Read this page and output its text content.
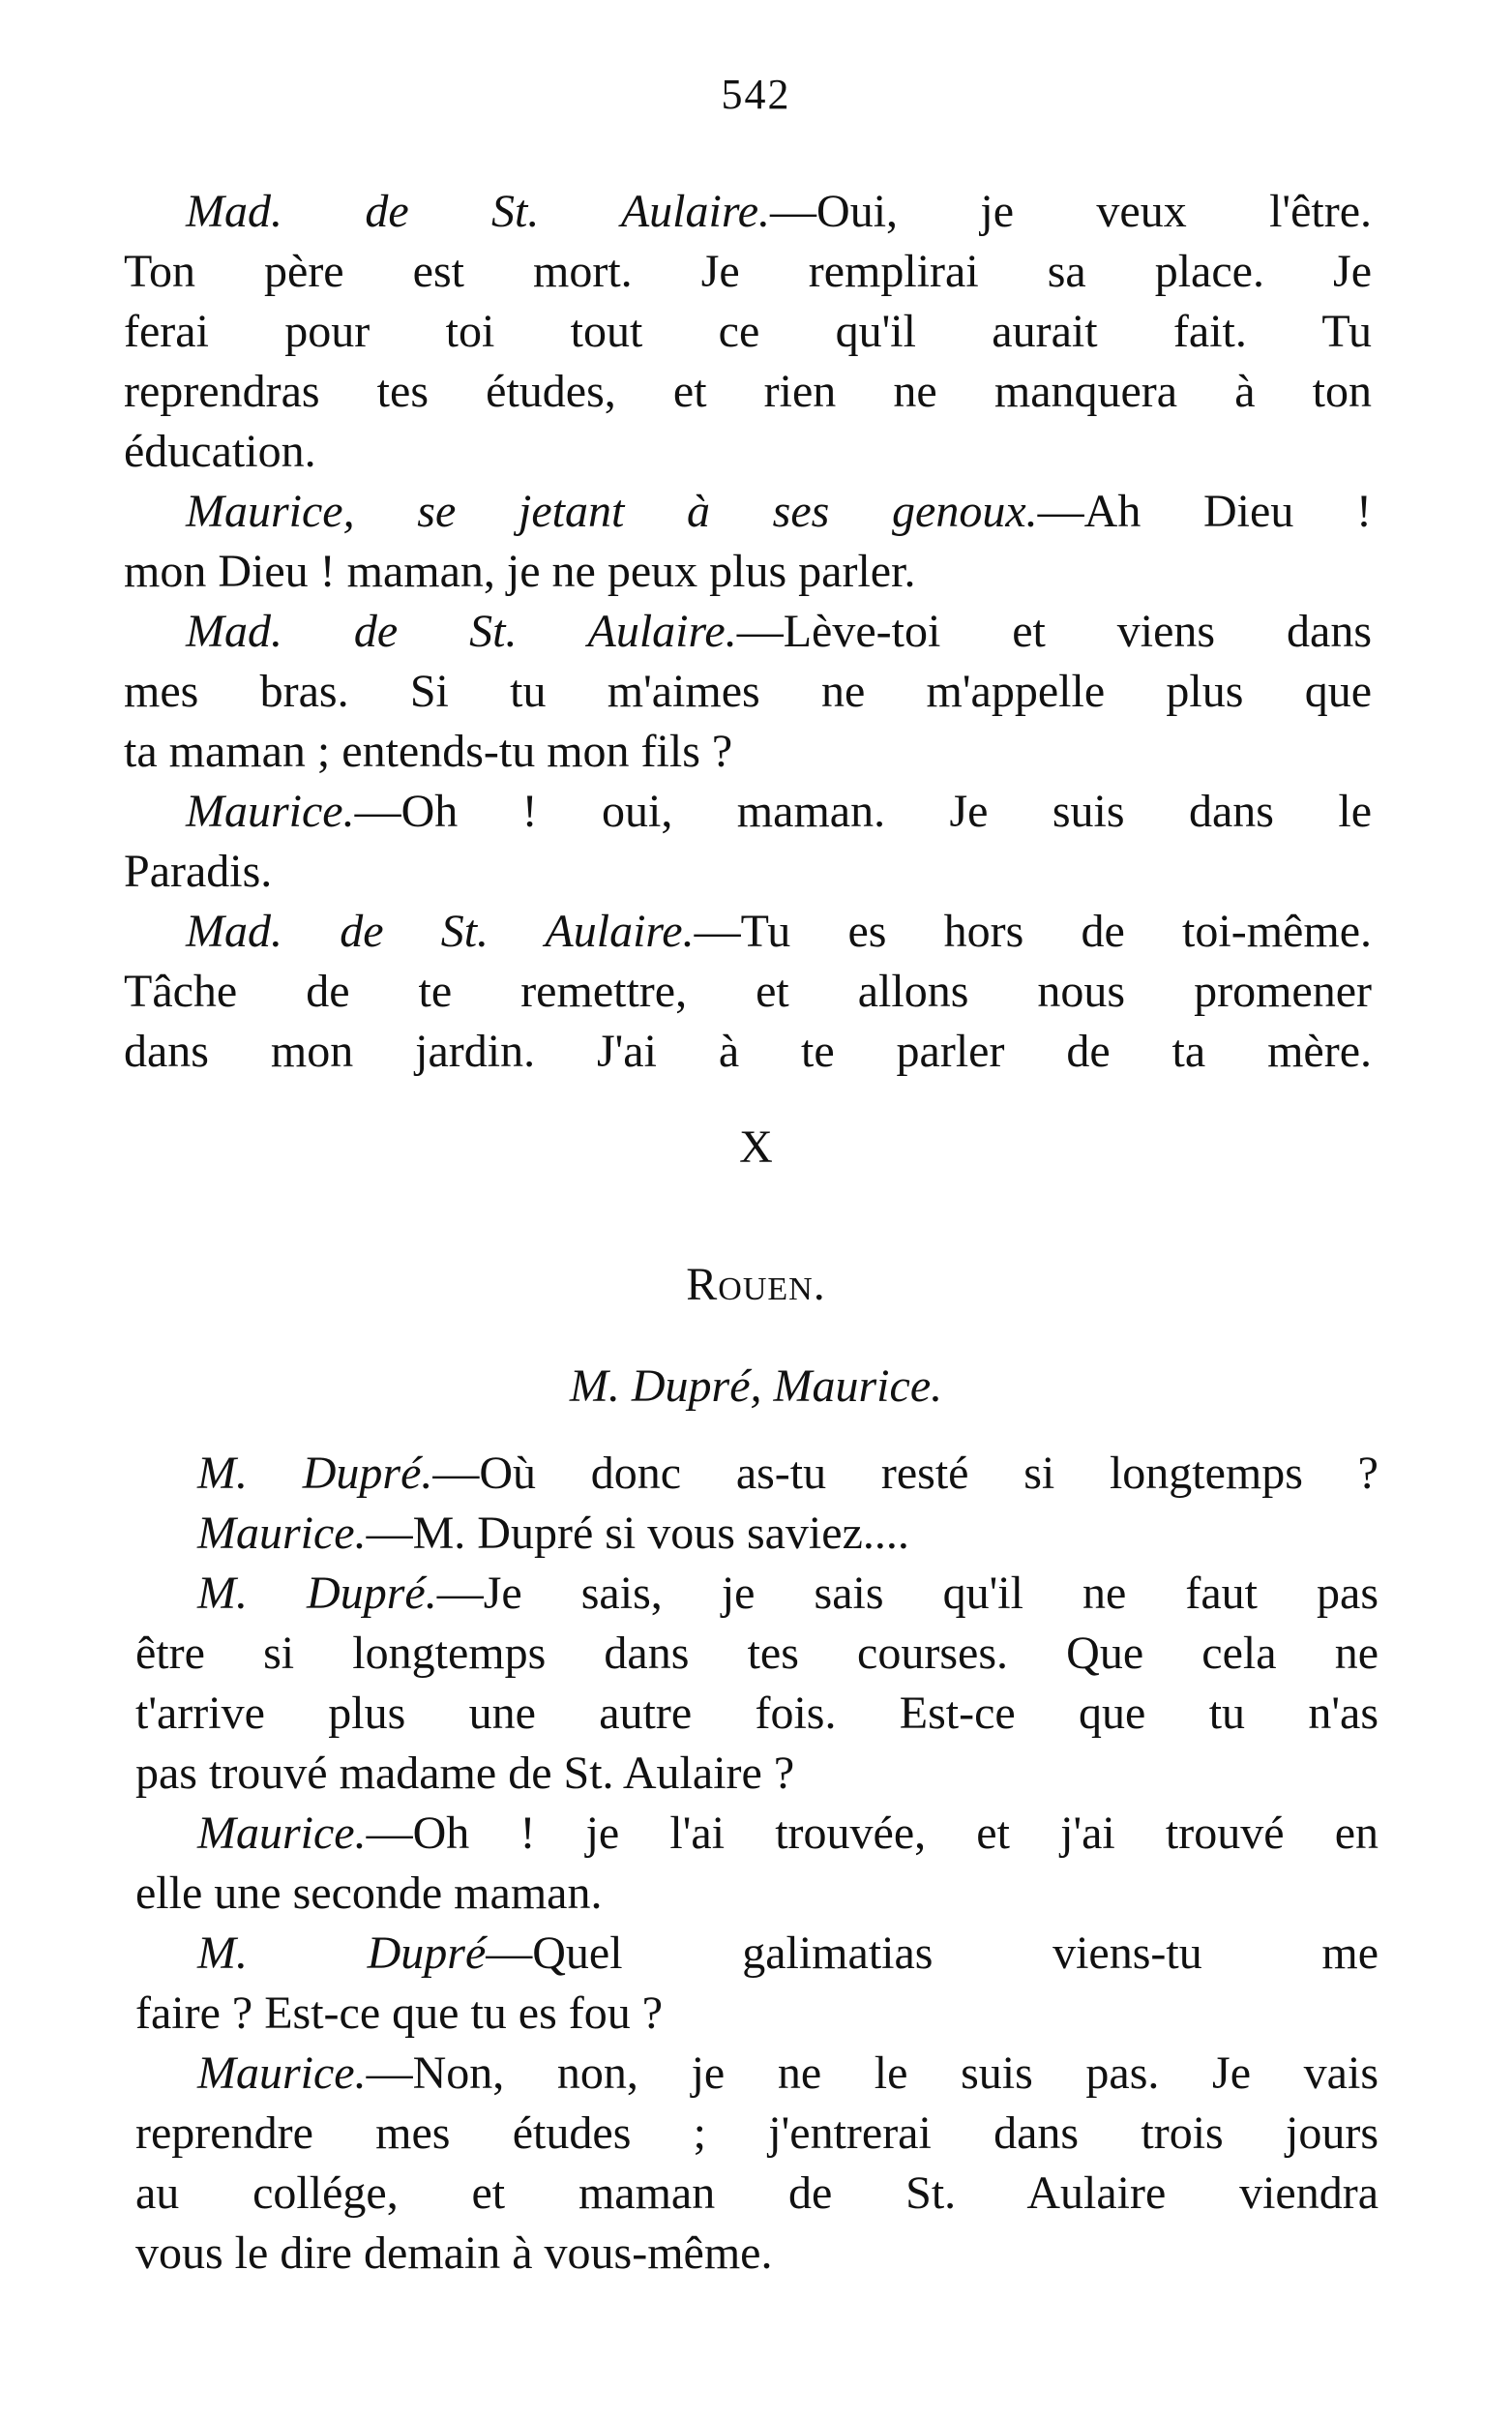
542
Mad. de St. Aulaire.—Oui, je veux l'être.
Ton père est mort. Je remplirai sa place. Je
ferai pour toi tout ce qu'il aurait fait. Tu
reprendras tes études, et rien ne manquera à ton
éducation.
Maurice, se jetant à ses genoux.—Ah Dieu !
mon Dieu ! maman, je ne peux plus parler.
Mad. de St. Aulaire.—Lève-toi et viens dans
mes bras. Si tu m'aimes ne m'appelle plus que
ta maman ; entends-tu mon fils ?
Maurice.—Oh ! oui, maman. Je suis dans le
Paradis.
Mad. de St. Aulaire.—Tu es hors de toi-même.
Tâche de te remettre, et allons nous promener
dans mon jardin. J'ai à te parler de ta mère.
X
Rouen.
M. Dupré, Maurice.
M. Dupré.—Où donc as-tu resté si longtemps ?
Maurice.—M. Dupré si vous saviez....
M. Dupré.—Je sais, je sais qu'il ne faut pas
être si longtemps dans tes courses. Que cela ne
t'arrive plus une autre fois. Est-ce que tu n'as
pas trouvé madame de St. Aulaire ?
Maurice.—Oh ! je l'ai trouvée, et j'ai trouvé en
elle une seconde maman.
M. Dupré—Quel galimatias viens-tu me
faire ? Est-ce que tu es fou ?
Maurice.—Non, non, je ne le suis pas. Je vais
reprendre mes études ; j'entrerai dans trois jours
au collége, et maman de St. Aulaire viendra
vous le dire demain à vous-même.
